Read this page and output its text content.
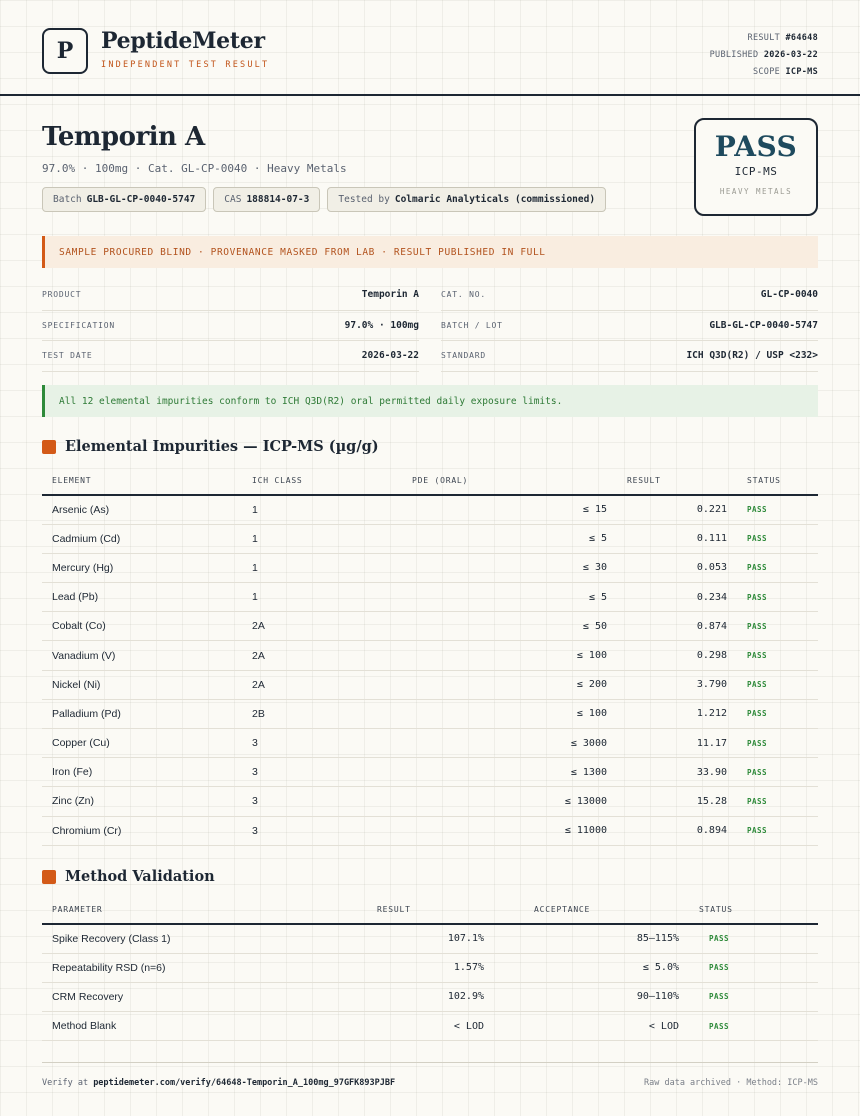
P	PeptideMeter
INDEPENDENT TEST RESULT
RESULT #64648
PUBLISHED 2026-03-22
SCOPE ICP-MS
Temporin A
97.0% · 100mg · Cat. GL-CP-0040 · Heavy Metals
Batch GLB-GL-CP-0040-5747	CAS 188814-07-3	Tested by Colmaric Analyticals (commissioned)
PASS
ICP-MS
HEAVY METALS
SAMPLE PROCURED BLIND · PROVENANCE MASKED FROM LAB · RESULT PUBLISHED IN FULL
PRODUCT	Temporin A	CAT. NO.	GL-CP-0040
SPECIFICATION	97.0% · 100mg	BATCH / LOT	GLB-GL-CP-0040-5747
TEST DATE	2026-03-22	STANDARD	ICH Q3D(R2) / USP <232>
All 12 elemental impurities conform to ICH Q3D(R2) oral permitted daily exposure limits.
Elemental Impurities — ICP-MS (µg/g)
ELEMENT	ICH CLASS	PDE (ORAL)	RESULT	STATUS
Arsenic (As)	1	≤ 15	0.221	PASS
Cadmium (Cd)	1	≤ 5	0.111	PASS
Mercury (Hg)	1	≤ 30	0.053	PASS
Lead (Pb)	1	≤ 5	0.234	PASS
Cobalt (Co)	2A	≤ 50	0.874	PASS
Vanadium (V)	2A	≤ 100	0.298	PASS
Nickel (Ni)	2A	≤ 200	3.790	PASS
Palladium (Pd)	2B	≤ 100	1.212	PASS
Copper (Cu)	3	≤ 3000	11.17	PASS
Iron (Fe)	3	≤ 1300	33.90	PASS
Zinc (Zn)	3	≤ 13000	15.28	PASS
Chromium (Cr)	3	≤ 11000	0.894	PASS
Method Validation
PARAMETER	RESULT	ACCEPTANCE	STATUS
Spike Recovery (Class 1)	107.1%	85–115%	PASS
Repeatability RSD (n=6)	1.57%	≤ 5.0%	PASS
CRM Recovery	102.9%	90–110%	PASS
Method Blank	< LOD	< LOD	PASS
Verify at peptidemeter.com/verify/64648-Temporin_A_100mg_97GFK893PJBF	Raw data archived · Method: ICP-MS
